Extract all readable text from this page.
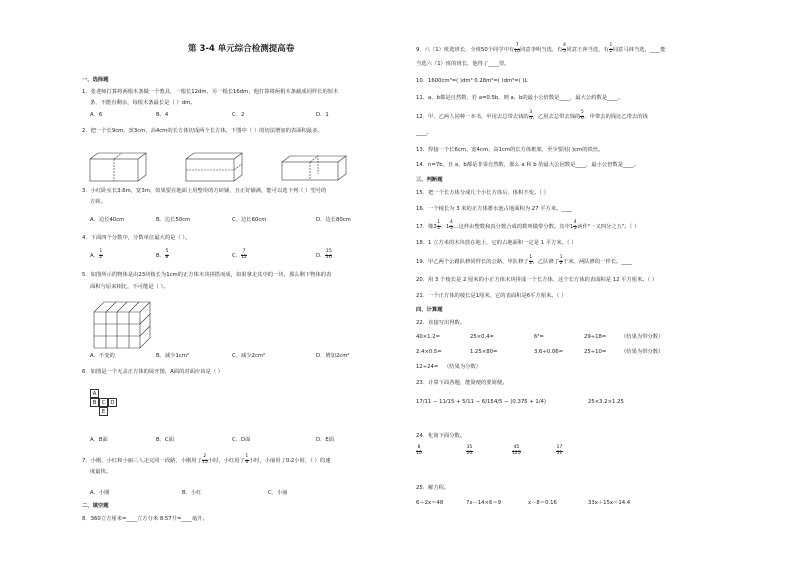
第 3-4 单元综合检测提高卷
一、选择题
1．张老师打算将两根木条做一个教具，一根长12dm，另一根长16dm，他打算将两根木条截成同样长的短木
条，不能有剩余，每根木条最长是（ ）dm。
A．6	B．4	C．2	D．1
2．把一个长9cm，宽3cm，高4cm的长方体切成两个长方体，下图中（ ）的切法增加的表面积最多。
3．小红卧室长3.6m，宽3m，如果要在地面上用整块的方砖铺，且正好铺满，能可以选下列（ ）型号的
方砖。
A．边长40cm	B．边长50cm	C．边长60cm	D．边长80cm
4．下面四个分数中，分数单位最大的是（ ）。
A． $\frac{1}{2}$	B． $\frac{5}{8}$	C． $\frac{7}{12}$	D． $\frac{15}{16}$
5．如图所示的物体是由23块棱长为1cm的正方体木块拼搭而成，如果拿走其中的一块，那么剩下物体的表
面积与原来相比，不可能是（ ）。
A．不变的	B．减少1cm²	C．减少2cm²	D．增加2cm²
6．如图是一个无盖正方体的展开图，A面的对面应该是（ ）
A
B C D
E
A．B面	B．C面	C．D面	D．E面
7．小刚，小红和小丽三人走完同一段路，小刚用了 $\frac{2}{15}$ 小时，小红用了 $\frac{1}{6}$ 小时，小丽用了0.2小时，（ ）的速
度最快。
A．小刚	B．小红	C．小丽
二、填空题
8．360立方厘米=____立方分米 8.57升=____毫升。
9．六（1）班选班长，全班50个同学中有 $\frac{7}{10}$ 同意李明当选，有 $\frac{4}{5}$ 同意王萍当选，有 $\frac{1}{2}$ 同意马林当选，____能
当选六（1）班的班长，他得了____票。
10．1600cm³=( )dm³ 0.28m³=( )dm³=( )L
11．a、b都是自然数，若 a=0.5b，则 a、b的最小公倍数是____，最大公约数是____。
12．甲、乙两人同种一本书，甲用去总带去钱的 $\frac{3}{4}$ ，乙用去总带去钱的 $\frac{5}{6}$ ，甲带去的钱比乙带去的钱
____。
13．焊接一个长6cm、宽4cm、高1cm的长方体框架，至少要用( )cm的铁丝。
14．n=7b，且 a、b都是非零自然数，那么 a 和 b 的最大公因数是____，最小公倍数是____。
三、判断题
15．把一个长方体分成几个小长方体后，体积不变。（ ）
16．一个棱长为 3 米的正方体蓄水池占地面积为 27 平方米。____
17．像$3 \frac{1}{2}$ 、$1 \frac{4}{5}$ …这样由整数和真分数合成的数叫做带分数。其中$1 \frac{4}{5}$ 读作"一又四分之五"。（ ）
18．1 立方米的木块放在地上，它的占地面积一定是 1 平方米。（ ）
19．甲乙两个公路队修同样长的公路，甲队修了 $\frac{1}{2}$ ，乙队修了 $\frac{1}{2}$ 千米，两队修的一样长。____
20．用 3 个棱长是 2 厘米的小正方体木块拼成一个长方体，这个长方体的表面积是 12 平方厘米。（ ）
21．一个正方体的棱长是1厘米，它的表面积是6平方厘米。（ ）
四、计算题
22．直接写出得数。
40×1.2=	25×0.4=	6³=	29÷18=	（结果为带分数）
2.4×0.5=	1.25×80=	3.6÷0.06=	25÷10=	（结果为带分数）
12÷24= （结果为分数）
23．计算下面各题，能简便的要简便。
17/11 − 11/15 + 5/11 − 6/15 4/5 − (0.375 + 1/4)	25×3.2×1.25
24．化简下面分数。
$\frac{8}{10}$	$\frac{35}{20}$	$\frac{45}{125}$	$\frac{17}{51}$
25．解方程。
6＋2x＝48	7x－14×6＝9	x－8＝0.16	33x＋15x＝14.4
